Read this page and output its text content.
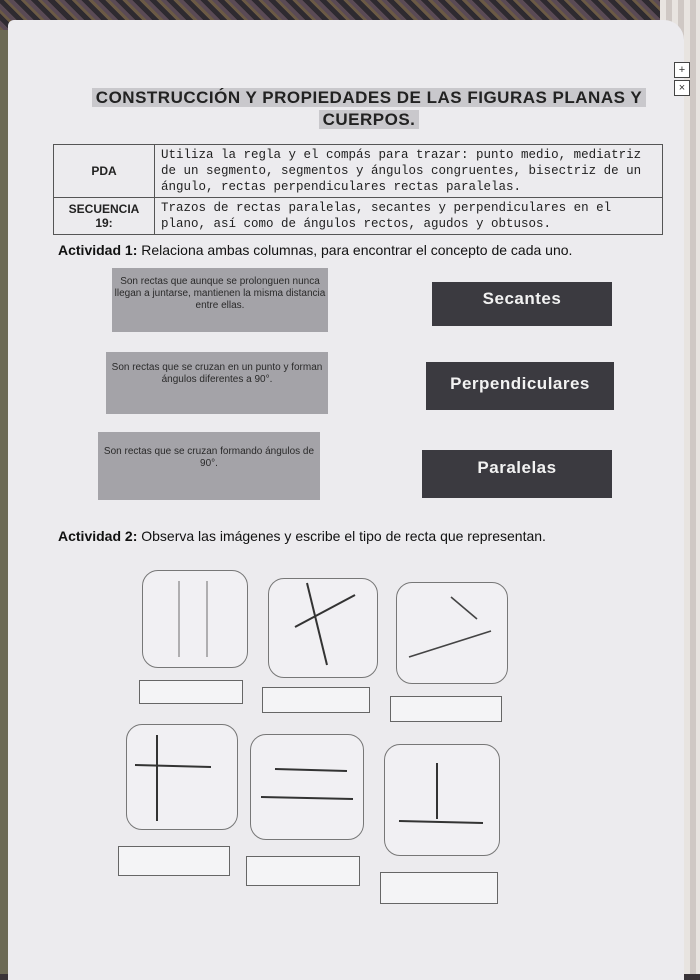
+
×
CONSTRUCCIÓN Y PROPIEDADES DE LAS FIGURAS PLANAS Y
CUERPOS.
PDA	Utiliza la regla y el compás para trazar: punto medio, mediatriz de un segmento, segmentos y ángulos congruentes, bisectriz de un ángulo, rectas perpendiculares rectas paralelas.
SECUENCIA 19:	Trazos de rectas paralelas, secantes y perpendiculares en el plano, así como de ángulos rectos, agudos y obtusos.
Actividad 1: Relaciona ambas columnas, para encontrar el concepto de cada uno.
Son rectas que aunque se prolonguen nunca llegan a juntarse, mantienen la misma distancia entre ellas.
Son rectas que se cruzan en un punto y forman ángulos diferentes a 90°.
Son rectas que se cruzan formando ángulos de 90°.
Secantes
Perpendiculares
Paralelas
Actividad 2: Observa las imágenes y escribe el tipo de recta que representan.
